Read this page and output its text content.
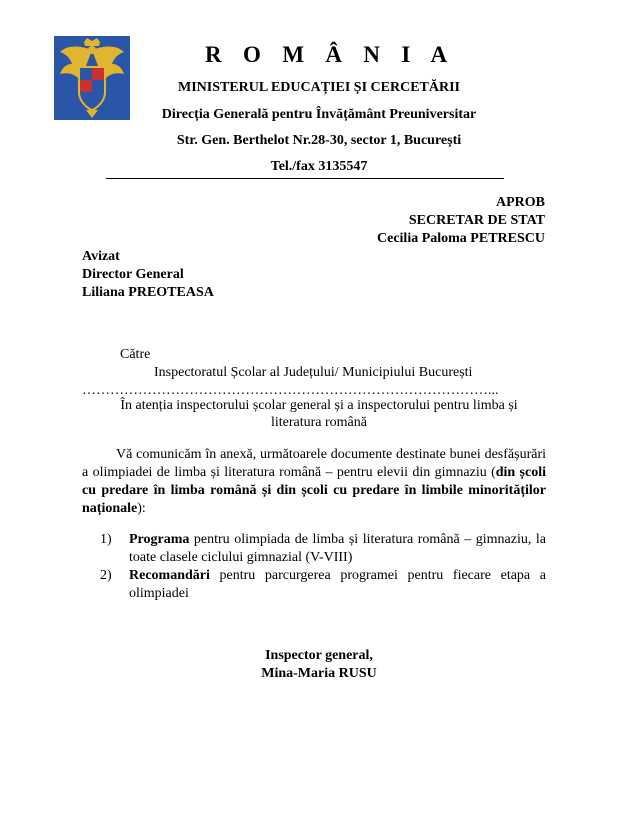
R O M Â N I A
MINISTERUL EDUCAȚIEI ȘI CERCETĂRII
Direcția Generală pentru Învățământ Preuniversitar
Str. Gen. Berthelot Nr.28-30, sector 1, București
Tel./fax 3135547
APROB
SECRETAR DE STAT
Cecilia Paloma PETRESCU
Avizat
Director General
Liliana PREOTEASA
Către
Inspectoratul Școlar al Județului/ Municipiului București
……………………………………………………………………………...
În atenția inspectorului școlar general și a inspectorului pentru limba și
literatura română
Vă comunicăm în anexă, următoarele documente destinate bunei desfășurări a olimpiadei de limba și literatura română – pentru elevii din gimnaziu (din școli cu predare în limba română și din școli cu predare în limbile minorităților naționale):
1) Programa pentru olimpiada de limba și literatura română – gimnaziu, la toate clasele ciclului gimnazial (V-VIII)
2) Recomandări pentru parcurgerea programei pentru fiecare etapa a olimpiadei
Inspector general,
Mina-Maria RUSU
